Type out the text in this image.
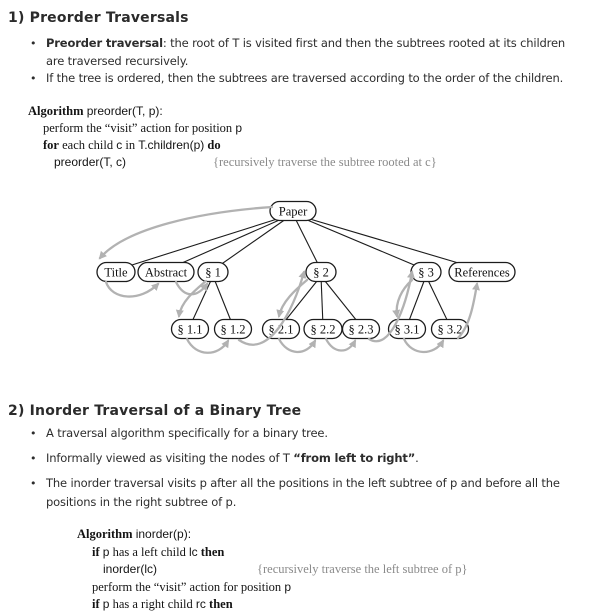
1) Preorder Traversals
•
Preorder traversal: the root of T is visited first and then the subtrees rooted at its children
are traversed recursively.
•
If the tree is ordered, then the subtrees are traversed according to the order of the children.
Algorithm preorder(T, p):
perform the “visit” action for position p
for each child c in T.children(p) do
preorder(T, c)	{recursively traverse the subtree rooted at c}
Paper
Title Abstract § 1	§ 2	§ 3 References
§ 1.1 § 1.2 § 2.1 § 2.2 § 2.3 § 3.1 § 3.2
2) Inorder Traversal of a Binary Tree
•
A traversal algorithm specifically for a binary tree.
•
Informally viewed as visiting the nodes of T “from left to right”.
•
The inorder traversal visits p after all the positions in the left subtree of p and before all the
positions in the right subtree of p.
Algorithm inorder(p):
if p has a left child lc then
inorder(lc)	{recursively traverse the left subtree of p}
perform the “visit” action for position p
if p has a right child rc then
